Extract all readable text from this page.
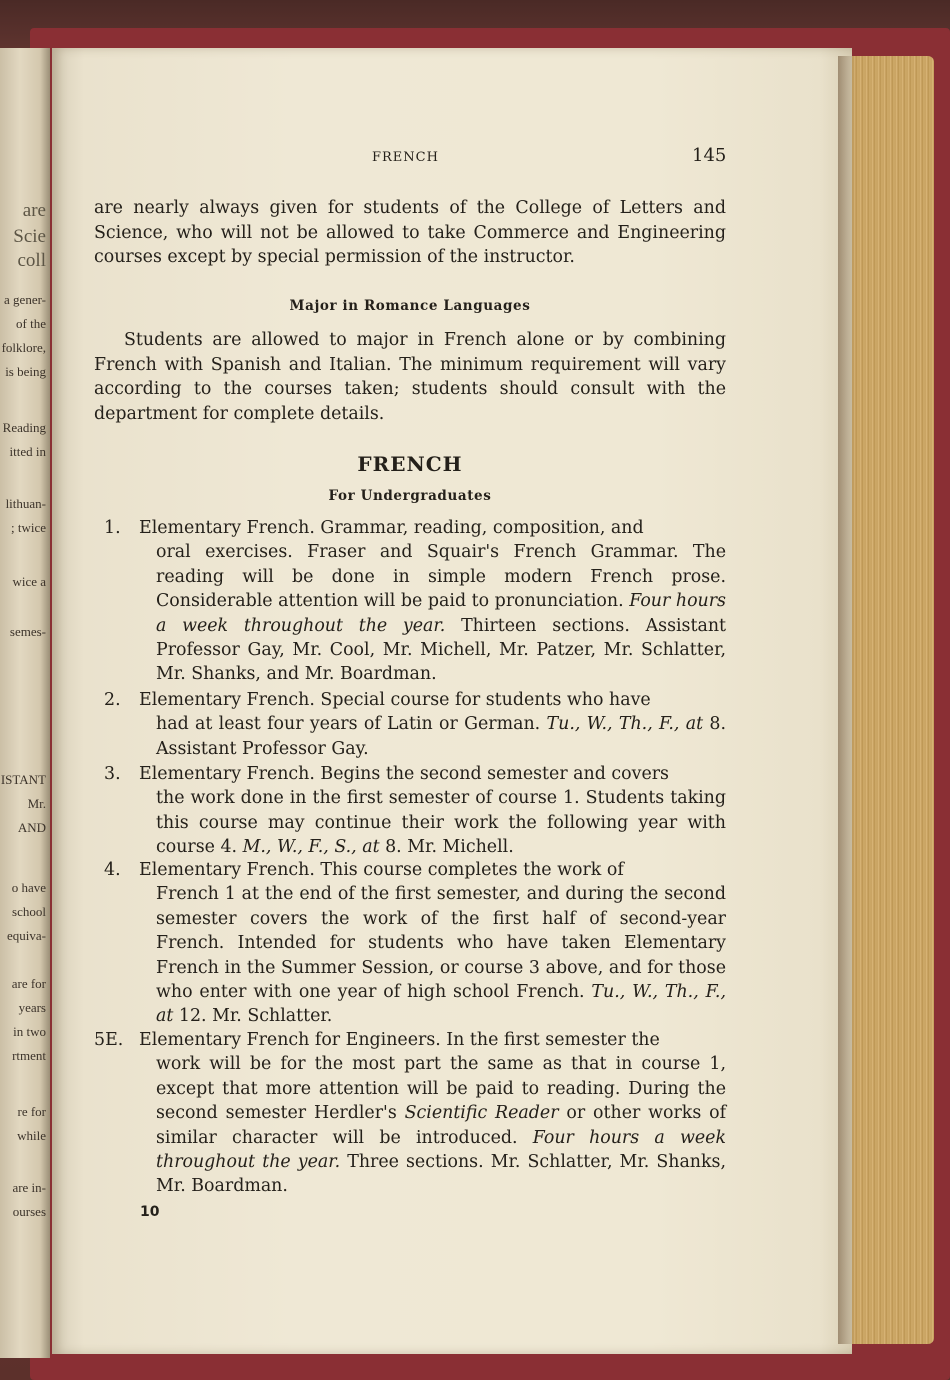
are
Scie
coll
a gener-
of the
folklore,
is being
Reading
itted in
lithuan-
; twice
wice a
semes-
ISTANT
Mr.
AND
o have
school
equiva-
are for
years
in two
rtment
re for
while
are in-
ourses
FRENCH	145
are nearly always given for students of the College of Letters and Science, who will not be allowed to take Commerce and Engineering courses except by special permission of the instructor.
Major in Romance Languages
Students are allowed to major in French alone or by combining French with Spanish and Italian. The minimum requirement will vary according to the courses taken; students should consult with the department for complete details.
FRENCH
For Undergraduates
1.	Elementary French. Grammar, reading, composition, and
oral exercises. Fraser and Squair's French Grammar. The reading will be done in simple modern French prose. Considerable attention will be paid to pronunciation. Four hours a week throughout the year. Thirteen sections. Assistant Professor Gay, Mr. Cool, Mr. Michell, Mr. Patzer, Mr. Schlatter, Mr. Shanks, and Mr. Boardman.
2.	Elementary French. Special course for students who have
had at least four years of Latin or German. Tu., W., Th., F., at 8. Assistant Professor Gay.
3.	Elementary French. Begins the second semester and covers
the work done in the first semester of course 1. Students taking this course may continue their work the following year with course 4. M., W., F., S., at 8. Mr. Michell.
4.	Elementary French. This course completes the work of
French 1 at the end of the first semester, and during the second semester covers the work of the first half of second-year French. Intended for students who have taken Elementary French in the Summer Session, or course 3 above, and for those who enter with one year of high school French. Tu., W., Th., F., at 12. Mr. Schlatter.
5E. Elementary French for Engineers. In the first semester the
work will be for the most part the same as that in course 1, except that more attention will be paid to reading. During the second semester Herdler's Scientific Reader or other works of similar character will be introduced. Four hours a week throughout the year. Three sections. Mr. Schlatter, Mr. Shanks, Mr. Boardman.
10
